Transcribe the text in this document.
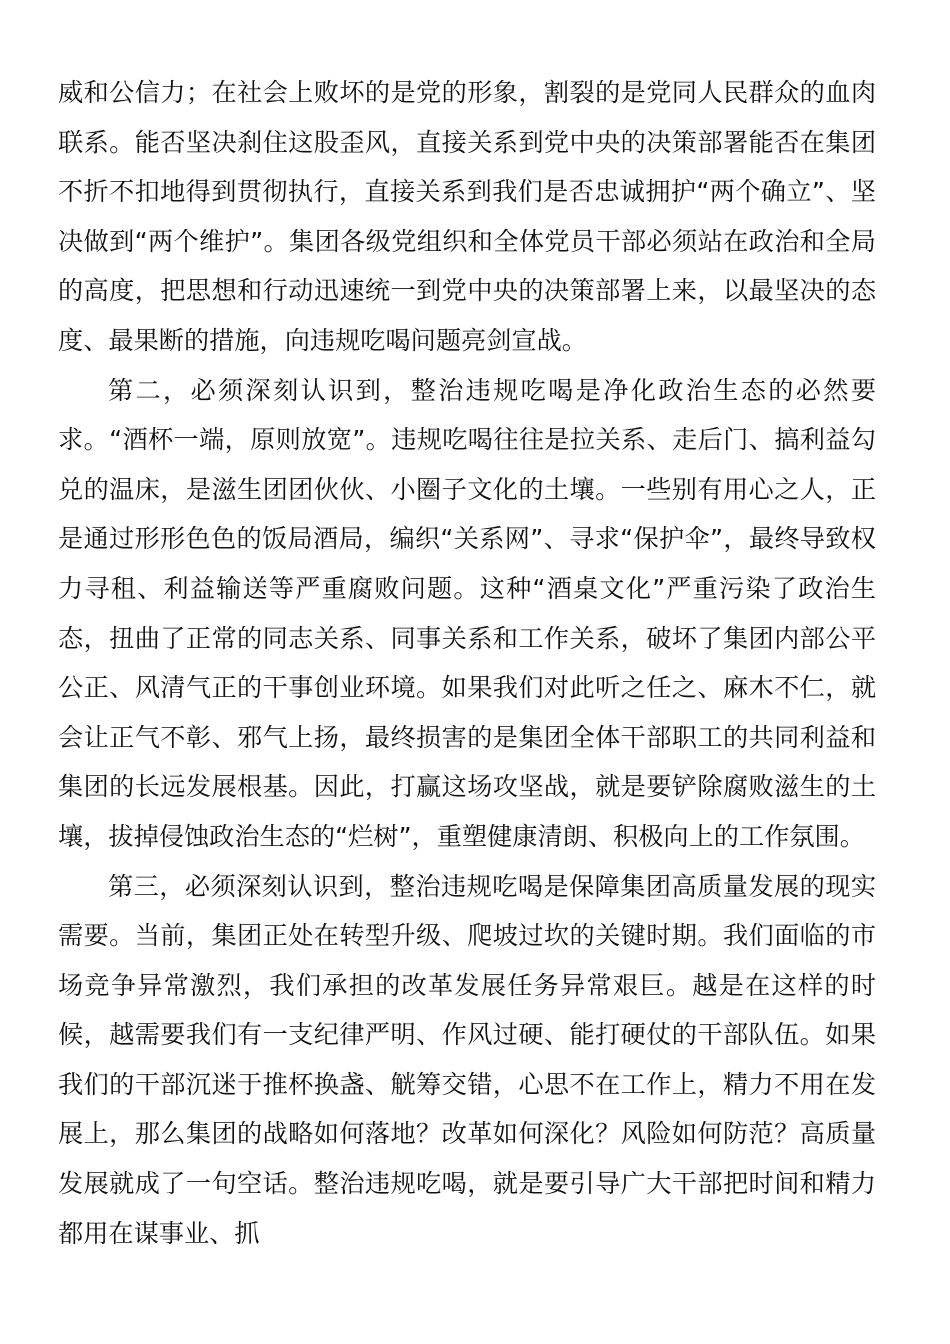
威和公信力；在社会上败坏的是党的形象，割裂的是党同人民群众的血肉联系。能否坚决刹住这股歪风，直接关系到党中央的决策部署能否在集团不折不扣地得到贯彻执行，直接关系到我们是否忠诚拥护“两个确立”、坚决做到“两个维护”。集团各级党组织和全体党员干部必须站在政治和全局的高度，把思想和行动迅速统一到党中央的决策部署上来，以最坚决的态度、最果断的措施，向违规吃喝问题亮剑宣战。

第二，必须深刻认识到，整治违规吃喝是净化政治生态的必然要求。“酒杯一端，原则放宽”。违规吃喝往往是拉关系、走后门、搞利益勾兑的温床，是滋生团团伙伙、小圈子文化的土壤。一些别有用心之人，正是通过形形色色的饭局酒局，编织“关系网”、寻求“保护伞”，最终导致权力寻租、利益输送等严重腐败问题。这种“酒桌文化”严重污染了政治生态，扭曲了正常的同志关系、同事关系和工作关系，破坏了集团内部公平公正、风清气正的干事创业环境。如果我们对此听之任之、麻木不仁，就会让正气不彰、邪气上扬，最终损害的是集团全体干部职工的共同利益和集团的长远发展根基。因此，打赢这场攻坚战，就是要铲除腐败滋生的土壤，拔掉侵蚀政治生态的“烂树”，重塑健康清朗、积极向上的工作氛围。

第三，必须深刻认识到，整治违规吃喝是保障集团高质量发展的现实需要。当前，集团正处在转型升级、爬坡过坎的关键时期。我们面临的市场竞争异常激烈，我们承担的改革发展任务异常艰巨。越是在这样的时候，越需要我们有一支纪律严明、作风过硬、能打硬仗的干部队伍。如果我们的干部沉迷于推杯换盏、觥筹交错，心思不在工作上，精力不用在发展上，那么集团的战略如何落地？改革如何深化？风险如何防范？高质量发展就成了一句空话。整治违规吃喝，就是要引导广大干部把时间和精力都用在谋事业、抓
